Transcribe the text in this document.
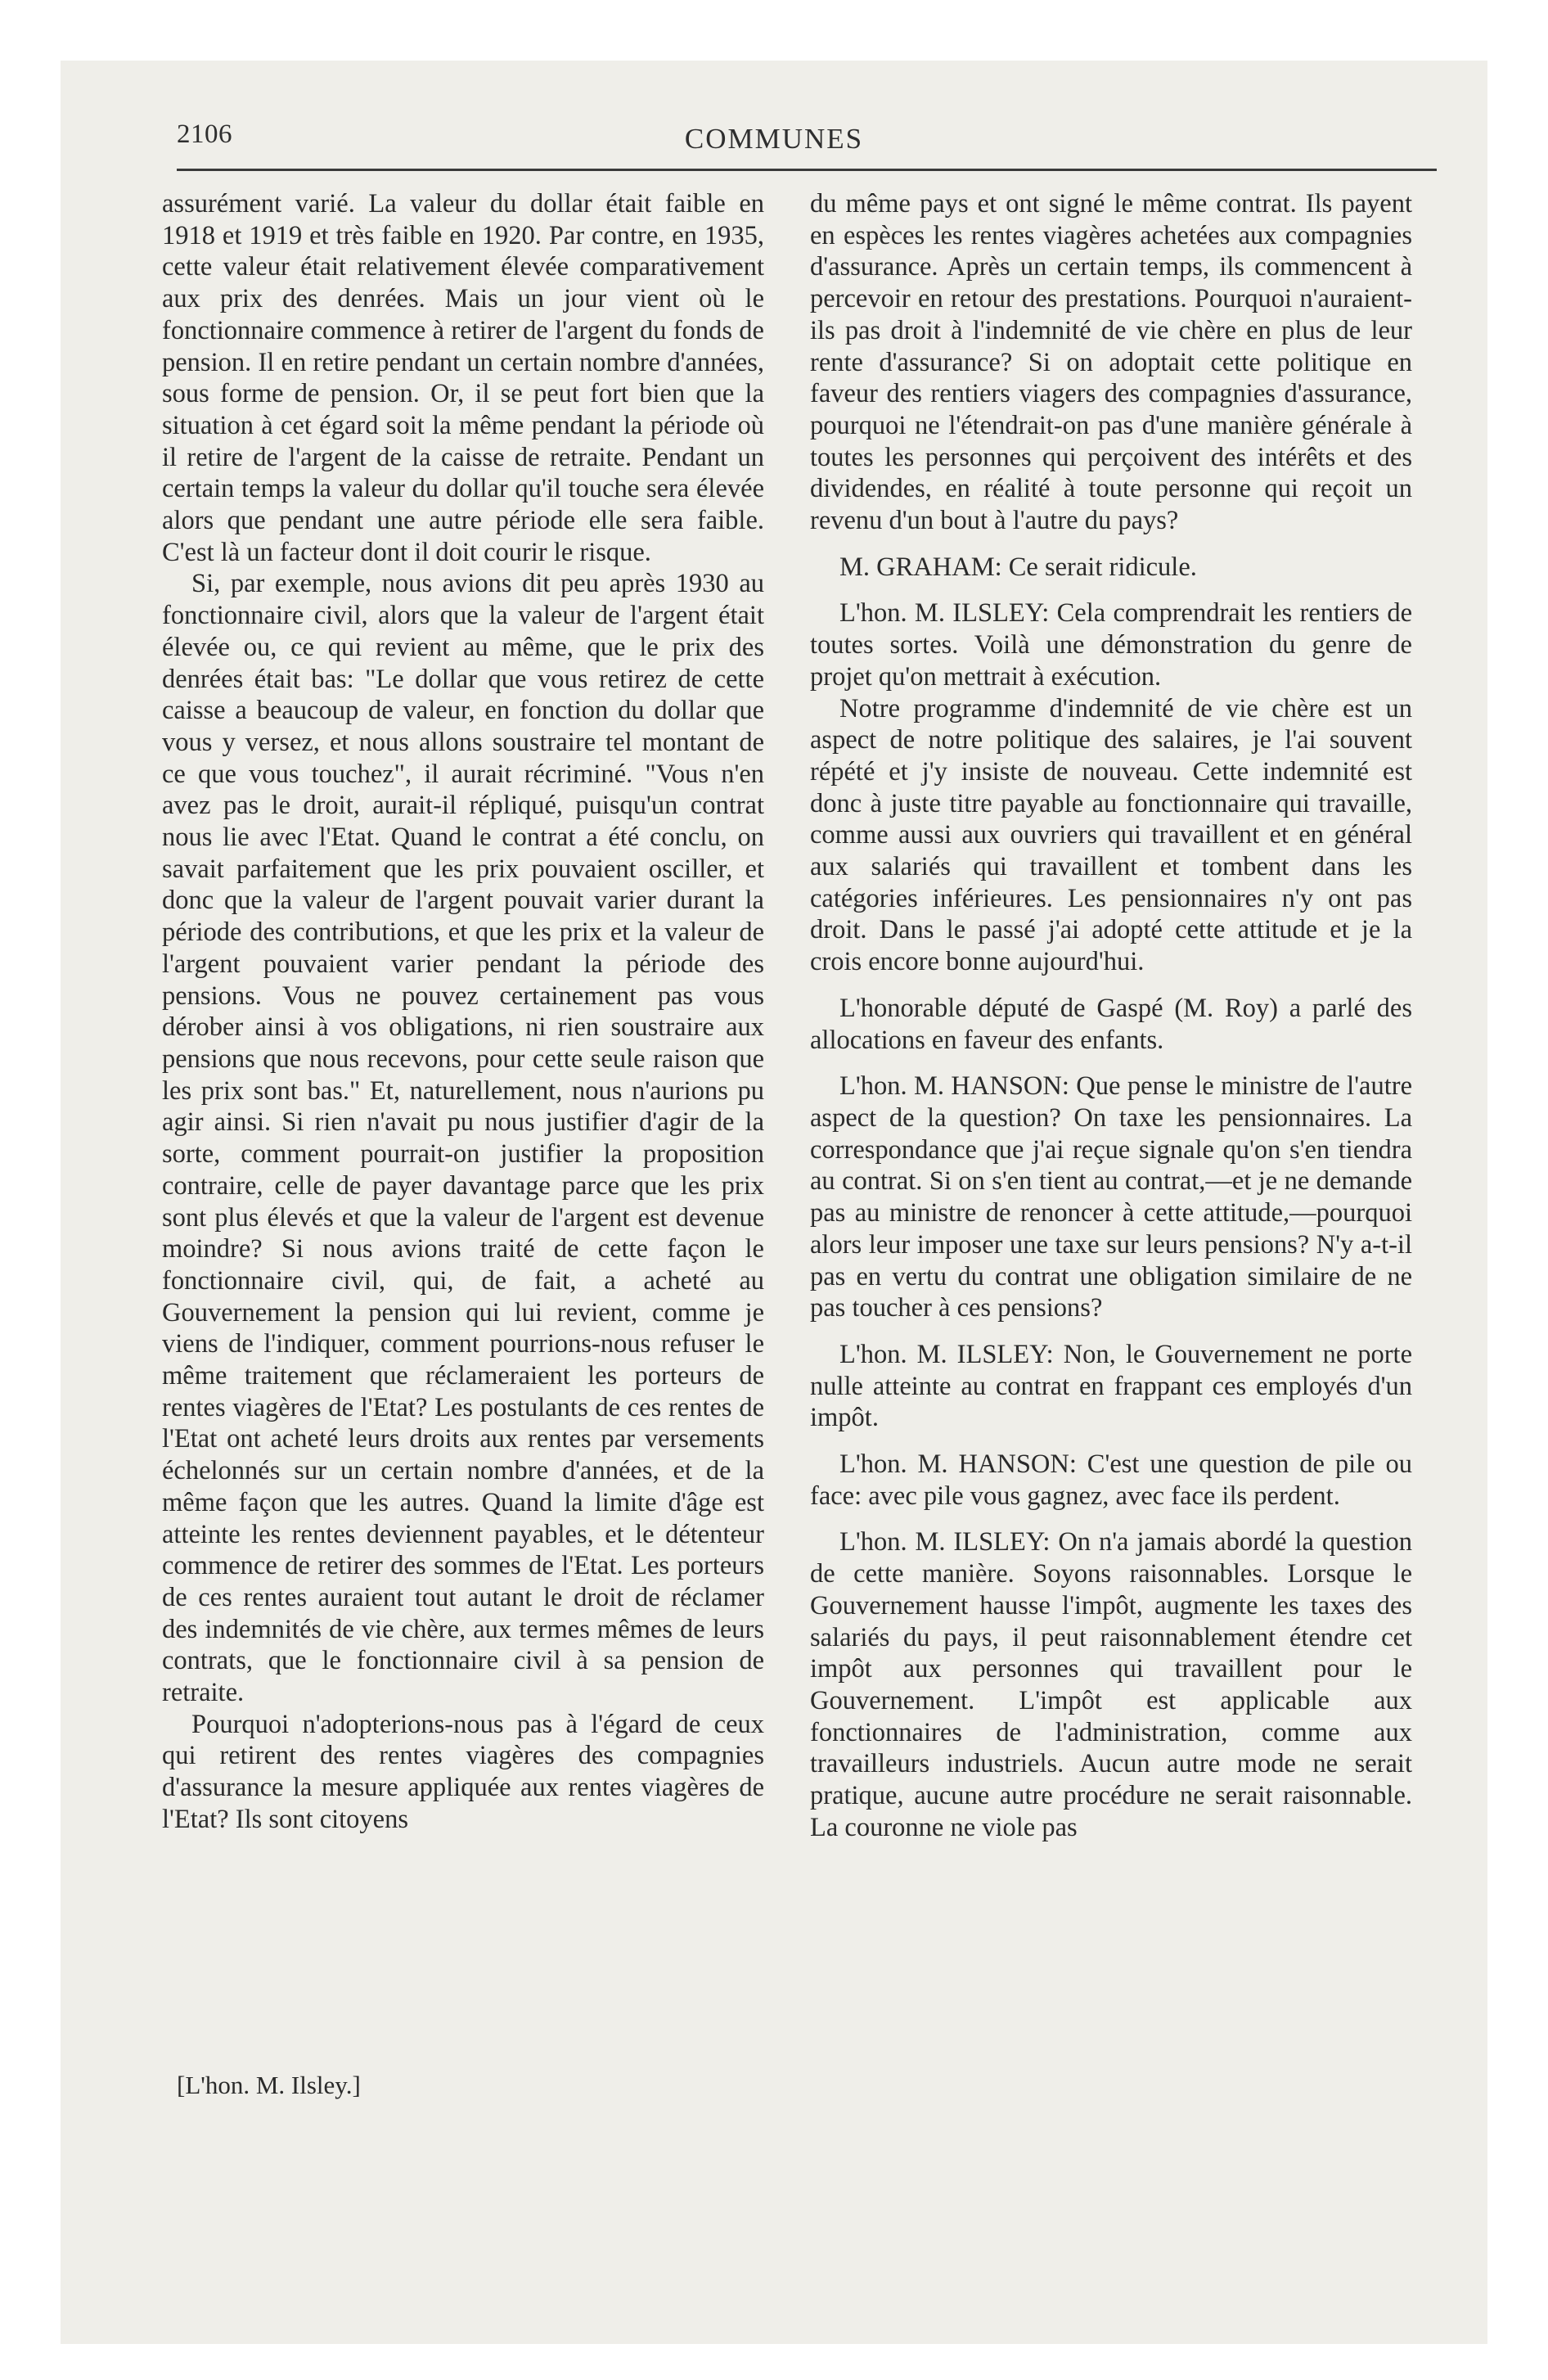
2106	COMMUNES

assurément varié. La valeur du dollar était faible en 1918 et 1919 et très faible en 1920. Par contre, en 1935, cette valeur était relativement élevée comparativement aux prix des denrées. Mais un jour vient où le fonctionnaire commence à retirer de l'argent du fonds de pension. Il en retire pendant un certain nombre d'années, sous forme de pension. Or, il se peut fort bien que la situation à cet égard soit la même pendant la période où il retire de l'argent de la caisse de retraite. Pendant un certain temps la valeur du dollar qu'il touche sera élevée alors que pendant une autre période elle sera faible. C'est là un facteur dont il doit courir le risque.

Si, par exemple, nous avions dit peu après 1930 au fonctionnaire civil, alors que la valeur de l'argent était élevée ou, ce qui revient au même, que le prix des denrées était bas: "Le dollar que vous retirez de cette caisse a beaucoup de valeur, en fonction du dollar que vous y versez, et nous allons soustraire tel montant de ce que vous touchez", il aurait récriminé. "Vous n'en avez pas le droit, aurait-il répliqué, puisqu'un contrat nous lie avec l'Etat. Quand le contrat a été conclu, on savait parfaitement que les prix pouvaient osciller, et donc que la valeur de l'argent pouvait varier durant la période des contributions, et que les prix et la valeur de l'argent pouvaient varier pendant la période des pensions. Vous ne pouvez certainement pas vous dérober ainsi à vos obligations, ni rien soustraire aux pensions que nous recevons, pour cette seule raison que les prix sont bas." Et, naturellement, nous n'aurions pu agir ainsi. Si rien n'avait pu nous justifier d'agir de la sorte, comment pourrait-on justifier la proposition contraire, celle de payer davantage parce que les prix sont plus élevés et que la valeur de l'argent est devenue moindre? Si nous avions traité de cette façon le fonctionnaire civil, qui, de fait, a acheté au Gouvernement la pension qui lui revient, comme je viens de l'indiquer, comment pourrions-nous refuser le même traitement que réclameraient les porteurs de rentes viagères de l'Etat? Les postulants de ces rentes de l'Etat ont acheté leurs droits aux rentes par versements échelonnés sur un certain nombre d'années, et de la même façon que les autres. Quand la limite d'âge est atteinte les rentes deviennent payables, et le détenteur commence de retirer des sommes de l'Etat. Les porteurs de ces rentes auraient tout autant le droit de réclamer des indemnités de vie chère, aux termes mêmes de leurs contrats, que le fonctionnaire civil à sa pension de retraite.

Pourquoi n'adopterions-nous pas à l'égard de ceux qui retirent des rentes viagères des compagnies d'assurance la mesure appliquée aux rentes viagères de l'Etat? Ils sont citoyens

[L'hon. M. Ilsley.]

du même pays et ont signé le même contrat. Ils payent en espèces les rentes viagères achetées aux compagnies d'assurance. Après un certain temps, ils commencent à percevoir en retour des prestations. Pourquoi n'auraient-ils pas droit à l'indemnité de vie chère en plus de leur rente d'assurance? Si on adoptait cette politique en faveur des rentiers viagers des compagnies d'assurance, pourquoi ne l'étendrait-on pas d'une manière générale à toutes les personnes qui perçoivent des intérêts et des dividendes, en réalité à toute personne qui reçoit un revenu d'un bout à l'autre du pays?

M. GRAHAM: Ce serait ridicule.

L'hon. M. ILSLEY: Cela comprendrait les rentiers de toutes sortes. Voilà une démonstration du genre de projet qu'on mettrait à exécution.

Notre programme d'indemnité de vie chère est un aspect de notre politique des salaires, je l'ai souvent répété et j'y insiste de nouveau. Cette indemnité est donc à juste titre payable au fonctionnaire qui travaille, comme aussi aux ouvriers qui travaillent et en général aux salariés qui travaillent et tombent dans les catégories inférieures. Les pensionnaires n'y ont pas droit. Dans le passé j'ai adopté cette attitude et je la crois encore bonne aujourd'hui.

L'honorable député de Gaspé (M. Roy) a parlé des allocations en faveur des enfants.

L'hon. M. HANSON: Que pense le ministre de l'autre aspect de la question? On taxe les pensionnaires. La correspondance que j'ai reçue signale qu'on s'en tiendra au contrat. Si on s'en tient au contrat,—et je ne demande pas au ministre de renoncer à cette attitude,—pourquoi alors leur imposer une taxe sur leurs pensions? N'y a-t-il pas en vertu du contrat une obligation similaire de ne pas toucher à ces pensions?

L'hon. M. ILSLEY: Non, le Gouvernement ne porte nulle atteinte au contrat en frappant ces employés d'un impôt.

L'hon. M. HANSON: C'est une question de pile ou face: avec pile vous gagnez, avec face ils perdent.

L'hon. M. ILSLEY: On n'a jamais abordé la question de cette manière. Soyons raisonnables. Lorsque le Gouvernement hausse l'impôt, augmente les taxes des salariés du pays, il peut raisonnablement étendre cet impôt aux personnes qui travaillent pour le Gouvernement. L'impôt est applicable aux fonctionnaires de l'administration, comme aux travailleurs industriels. Aucun autre mode ne serait pratique, aucune autre procédure ne serait raisonnable. La couronne ne viole pas
